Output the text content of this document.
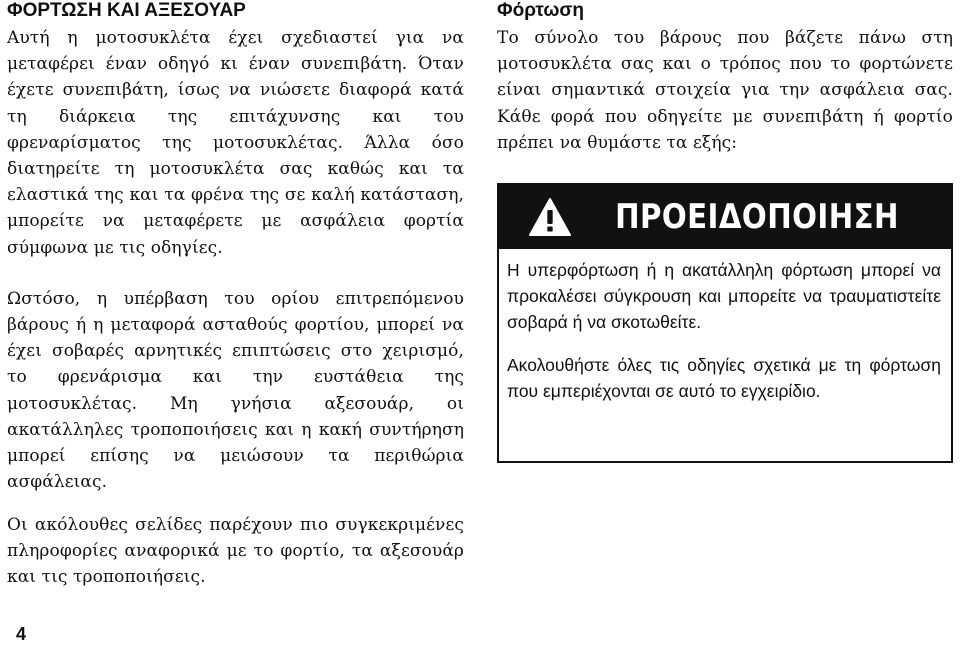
ΦΟΡΤΩΣΗ ΚΑΙ ΑΞΕΣΟΥΑΡ

Αυτή η μοτοσυκλέτα έχει σχεδιαστεί για να μεταφέρει έναν οδηγό κι έναν συνεπιβάτη. Όταν έχετε συνεπιβάτη, ίσως να νιώσετε διαφορά κατά τη διάρκεια της επιτάχυνσης και του φρεναρίσματος της μοτοσυκλέτας. Άλλα όσο διατηρείτε τη μοτοσυκλέτα σας καθώς και τα ελαστικά της και τα φρένα της σε καλή κατάσταση, μπορείτε να μεταφέρετε με ασφάλεια φορτία σύμφωνα με τις οδηγίες.

Ωστόσο, η υπέρβαση του ορίου επιτρεπόμενου βάρους ή η μεταφορά ασταθούς φορτίου, μπορεί να έχει σοβαρές αρνητικές επιπτώσεις στο χειρισμό, το φρενάρισμα και την ευστάθεια της μοτοσυκλέτας. Μη γνήσια αξεσουάρ, οι ακατάλληλες τροποποιήσεις και η κακή συντήρηση μπορεί επίσης να μειώσουν τα περιθώρια ασφάλειας.

Οι ακόλουθες σελίδες παρέχουν πιο συγκεκριμένες πληροφορίες αναφορικά με το φορτίο, τα αξεσουάρ και τις τροποποιήσεις.

Φόρτωση

Το σύνολο του βάρους που βάζετε πάνω στη μοτοσυκλέτα σας και ο τρόπος που το φορτώνετε είναι σημαντικά στοιχεία για την ασφάλεια σας. Κάθε φορά που οδηγείτε με συνεπιβάτη ή φορτίο πρέπει να θυμάστε τα εξής:

ΠΡΟΕΙΔΟΠΟΙΗΣΗ

Η υπερφόρτωση ή η ακατάλληλη φόρτωση μπορεί να προκαλέσει σύγκρουση και μπορείτε να τραυματιστείτε σοβαρά ή να σκοτωθείτε.

Ακολουθήστε όλες τις οδηγίες σχετικά με τη φόρτωση που εμπεριέχονται σε αυτό το εγχειρίδιο.

4
